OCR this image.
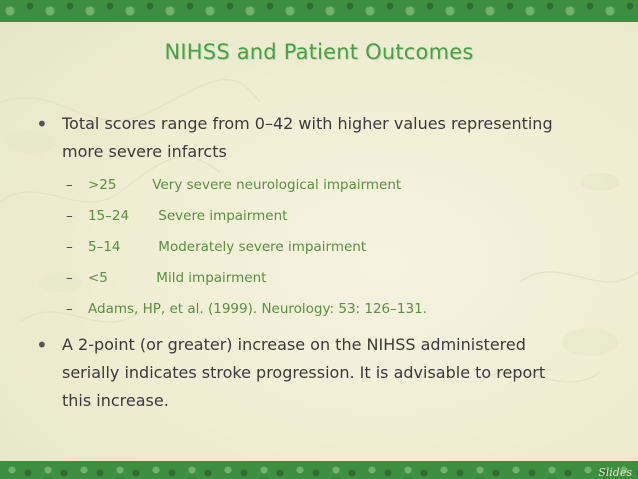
NIHSS and Patient Outcomes
• Total scores range from 0–42 with higher values representing
more severe infarcts
– >25	Very severe neurological impairment
– 15–24 Severe impairment
– 5–14	Moderately severe impairment
– <5	Mild impairment
– Adams, HP, et al. (1999). Neurology: 53: 126–131.
• A 2-point (or greater) increase on the NIHSS administered
serially indicates stroke progression. It is advisable to report
this increase.
Slides
